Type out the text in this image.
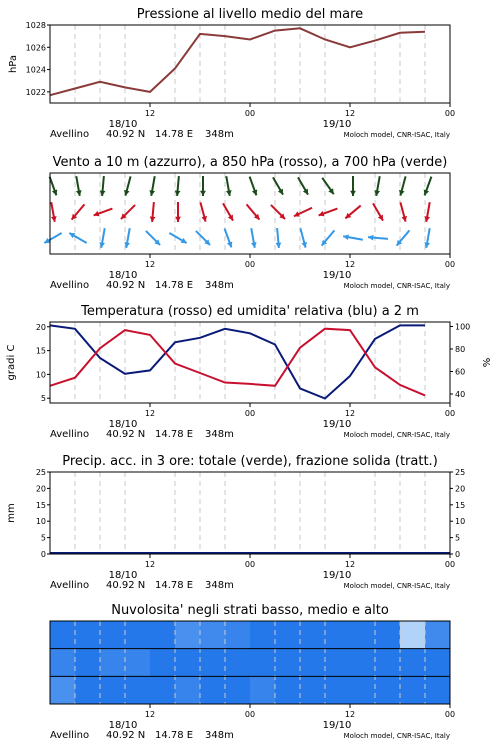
Pressione al livello medio del mare
1022
1024
1026
1028
hPa
12	00	12	00
18/10	19/10
Avellino 40.92 N 14.78 E 348m	Moloch model, CNR-ISAC, Italy
Vento a 10 m (azzurro), a 850 hPa (rosso), a 700 hPa (verde)
12	00	12	00
18/10	19/10
Avellino 40.92 N 14.78 E 348m	Moloch model, CNR-ISAC, Italy
Temperatura (rosso) ed umidita' relativa (blu) a 2 m
5
10
15
20
40
60
80
100
gradi C	%
12	00	12	00
18/10	19/10
Avellino 40.92 N 14.78 E 348m	Moloch model, CNR-ISAC, Italy
Precip. acc. in 3 ore: totale (verde), frazione solida (tratt.)
0
5
10
15
20
25
0
5
10
15
20
25
mm
12	00	12	00
18/10	19/10
Avellino 40.92 N 14.78 E 348m	Moloch model, CNR-ISAC, Italy
Nuvolosita' negli strati basso, medio e alto
12	00	12	00
18/10	19/10
Avellino 40.92 N 14.78 E 348m	Moloch model, CNR-ISAC, Italy
